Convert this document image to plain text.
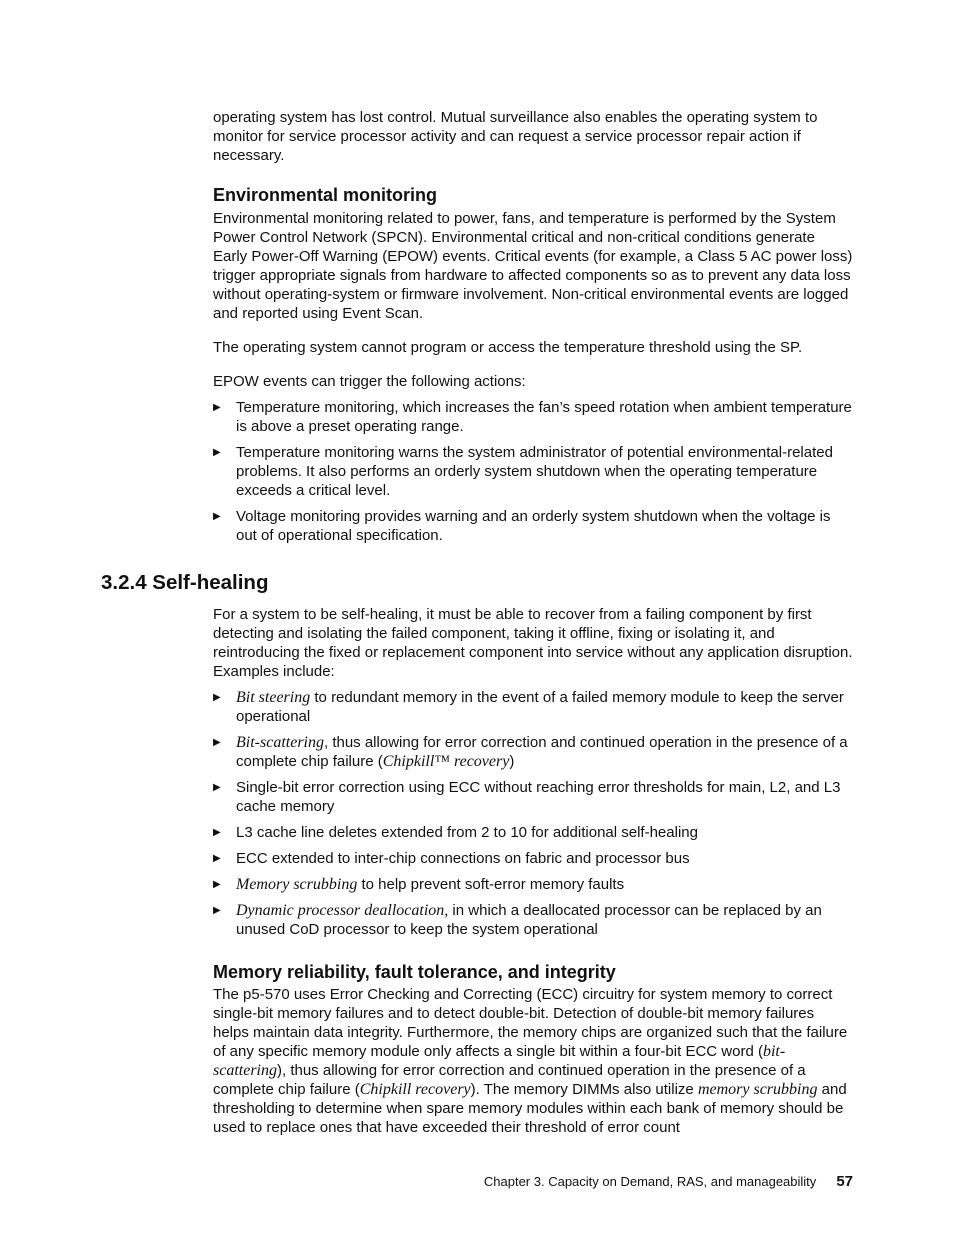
operating system has lost control. Mutual surveillance also enables the operating system to monitor for service processor activity and can request a service processor repair action if necessary.

Environmental monitoring

Environmental monitoring related to power, fans, and temperature is performed by the System Power Control Network (SPCN). Environmental critical and non-critical conditions generate Early Power-Off Warning (EPOW) events. Critical events (for example, a Class 5 AC power loss) trigger appropriate signals from hardware to affected components so as to prevent any data loss without operating-system or firmware involvement. Non-critical environmental events are logged and reported using Event Scan.

The operating system cannot program or access the temperature threshold using the SP.

EPOW events can trigger the following actions:

▶ Temperature monitoring, which increases the fan’s speed rotation when ambient temperature is above a preset operating range.
▶ Temperature monitoring warns the system administrator of potential environmental-related problems. It also performs an orderly system shutdown when the operating temperature exceeds a critical level.
▶ Voltage monitoring provides warning and an orderly system shutdown when the voltage is out of operational specification.
3.2.4 Self-healing

For a system to be self-healing, it must be able to recover from a failing component by first detecting and isolating the failed component, taking it offline, fixing or isolating it, and reintroducing the fixed or replacement component into service without any application disruption. Examples include:

▶ Bit steering to redundant memory in the event of a failed memory module to keep the server operational
▶ Bit-scattering, thus allowing for error correction and continued operation in the presence of a complete chip failure (Chipkill™ recovery)
▶ Single-bit error correction using ECC without reaching error thresholds for main, L2, and L3 cache memory
▶ L3 cache line deletes extended from 2 to 10 for additional self-healing
▶ ECC extended to inter-chip connections on fabric and processor bus
▶ Memory scrubbing to help prevent soft-error memory faults
▶ Dynamic processor deallocation, in which a deallocated processor can be replaced by an unused CoD processor to keep the system operational
Memory reliability, fault tolerance, and integrity

The p5-570 uses Error Checking and Correcting (ECC) circuitry for system memory to correct single-bit memory failures and to detect double-bit. Detection of double-bit memory failures helps maintain data integrity. Furthermore, the memory chips are organized such that the failure of any specific memory module only affects a single bit within a four-bit ECC word (bit-scattering), thus allowing for error correction and continued operation in the presence of a complete chip failure (Chipkill recovery). The memory DIMMs also utilize memory scrubbing and thresholding to determine when spare memory modules within each bank of memory should be used to replace ones that have exceeded their threshold of error count

Chapter 3. Capacity on Demand, RAS, and manageability 57
